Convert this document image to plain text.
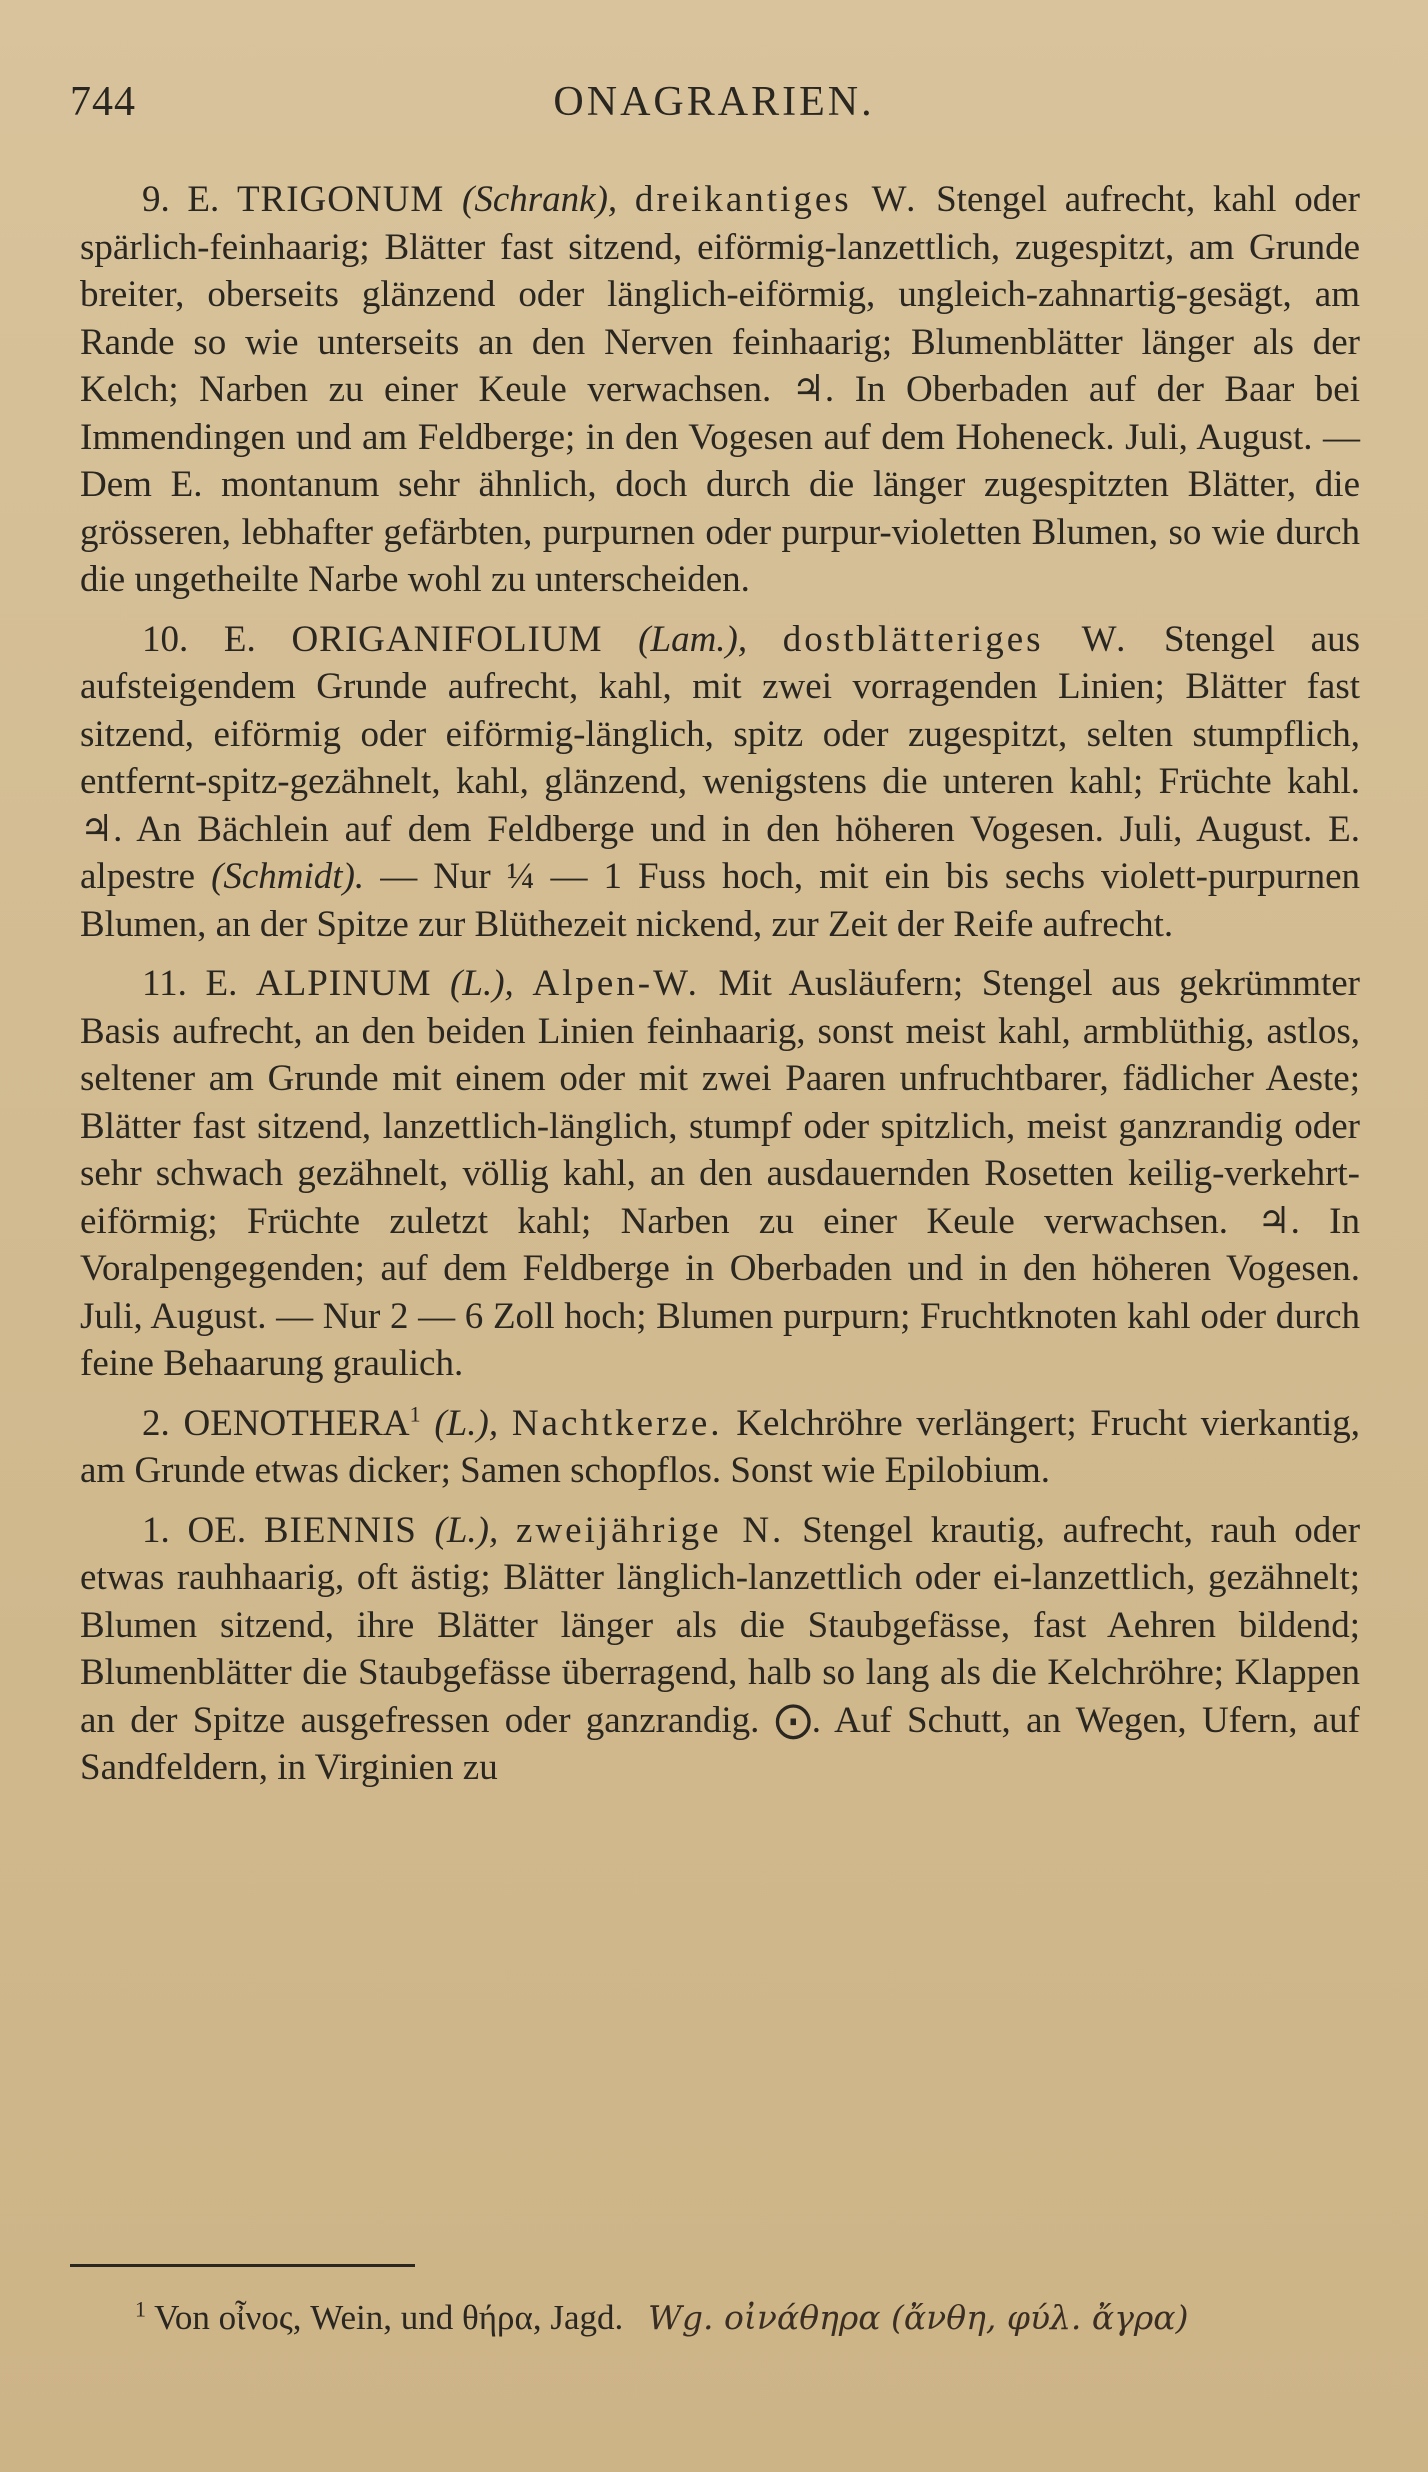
744	ONAGRARIEN.

9. E. TRIGONUM (Schrank), dreikantiges W. Stengel aufrecht, kahl oder spärlich-feinhaarig; Blätter fast sitzend, eiförmig-lanzettlich, zugespitzt, am Grunde breiter, oberseits glänzend oder länglich-eiförmig, ungleich-zahnartig-gesägt, am Rande so wie unterseits an den Nerven feinhaarig; Blumenblätter länger als der Kelch; Narben zu einer Keule verwachsen. ♃. In Oberbaden auf der Baar bei Immendingen und am Feldberge; in den Vogesen auf dem Hoheneck. Juli, August. — Dem E. montanum sehr ähnlich, doch durch die länger zugespitzten Blätter, die grösseren, lebhafter gefärbten, purpurnen oder purpur-violetten Blumen, so wie durch die ungetheilte Narbe wohl zu unterscheiden.

10. E. ORIGANIFOLIUM (Lam.), dostblätteriges W. Stengel aus aufsteigendem Grunde aufrecht, kahl, mit zwei vorragenden Linien; Blätter fast sitzend, eiförmig oder eiförmig-länglich, spitz oder zugespitzt, selten stumpflich, entfernt-spitz-gezähnelt, kahl, glänzend, wenigstens die unteren kahl; Früchte kahl. ♃. An Bächlein auf dem Feldberge und in den höheren Vogesen. Juli, August. E. alpestre (Schmidt). — Nur ¼ — 1 Fuss hoch, mit ein bis sechs violett-purpurnen Blumen, an der Spitze zur Blüthezeit nickend, zur Zeit der Reife aufrecht.

11. E. ALPINUM (L.), Alpen-W. Mit Ausläufern; Stengel aus gekrümmter Basis aufrecht, an den beiden Linien feinhaarig, sonst meist kahl, armblüthig, astlos, seltener am Grunde mit einem oder mit zwei Paaren unfruchtbarer, fädlicher Aeste; Blätter fast sitzend, lanzettlich-länglich, stumpf oder spitzlich, meist ganzrandig oder sehr schwach gezähnelt, völlig kahl, an den ausdauernden Rosetten keilig-verkehrt-eiförmig; Früchte zuletzt kahl; Narben zu einer Keule verwachsen. ♃. In Voralpengegenden; auf dem Feldberge in Oberbaden und in den höheren Vogesen. Juli, August. — Nur 2 — 6 Zoll hoch; Blumen purpurn; Fruchtknoten kahl oder durch feine Behaarung graulich.

2. OENOTHERA$^1$ (L.), Nachtkerze. Kelchröhre verlängert; Frucht vierkantig, am Grunde etwas dicker; Samen schopflos. Sonst wie Epilobium.

1. OE. BIENNIS (L.), zweijährige N. Stengel krautig, aufrecht, rauh oder etwas rauhhaarig, oft ästig; Blätter länglich-lanzettlich oder ei-lanzettlich, gezähnelt; Blumen sitzend, ihre Blätter länger als die Staubgefässe, fast Aehren bildend; Blumenblätter die Staubgefässe überragend, halb so lang als die Kelchröhre; Klappen an der Spitze ausgefressen oder ganzrandig. ⨀. Auf Schutt, an Wegen, Ufern, auf Sandfeldern, in Virginien zu

$^1$ Von οἶνος, Wein, und θήρα, Jagd. Wg. οἰνάθηρα (ἄνθη, φύλ. ἄγρα)
